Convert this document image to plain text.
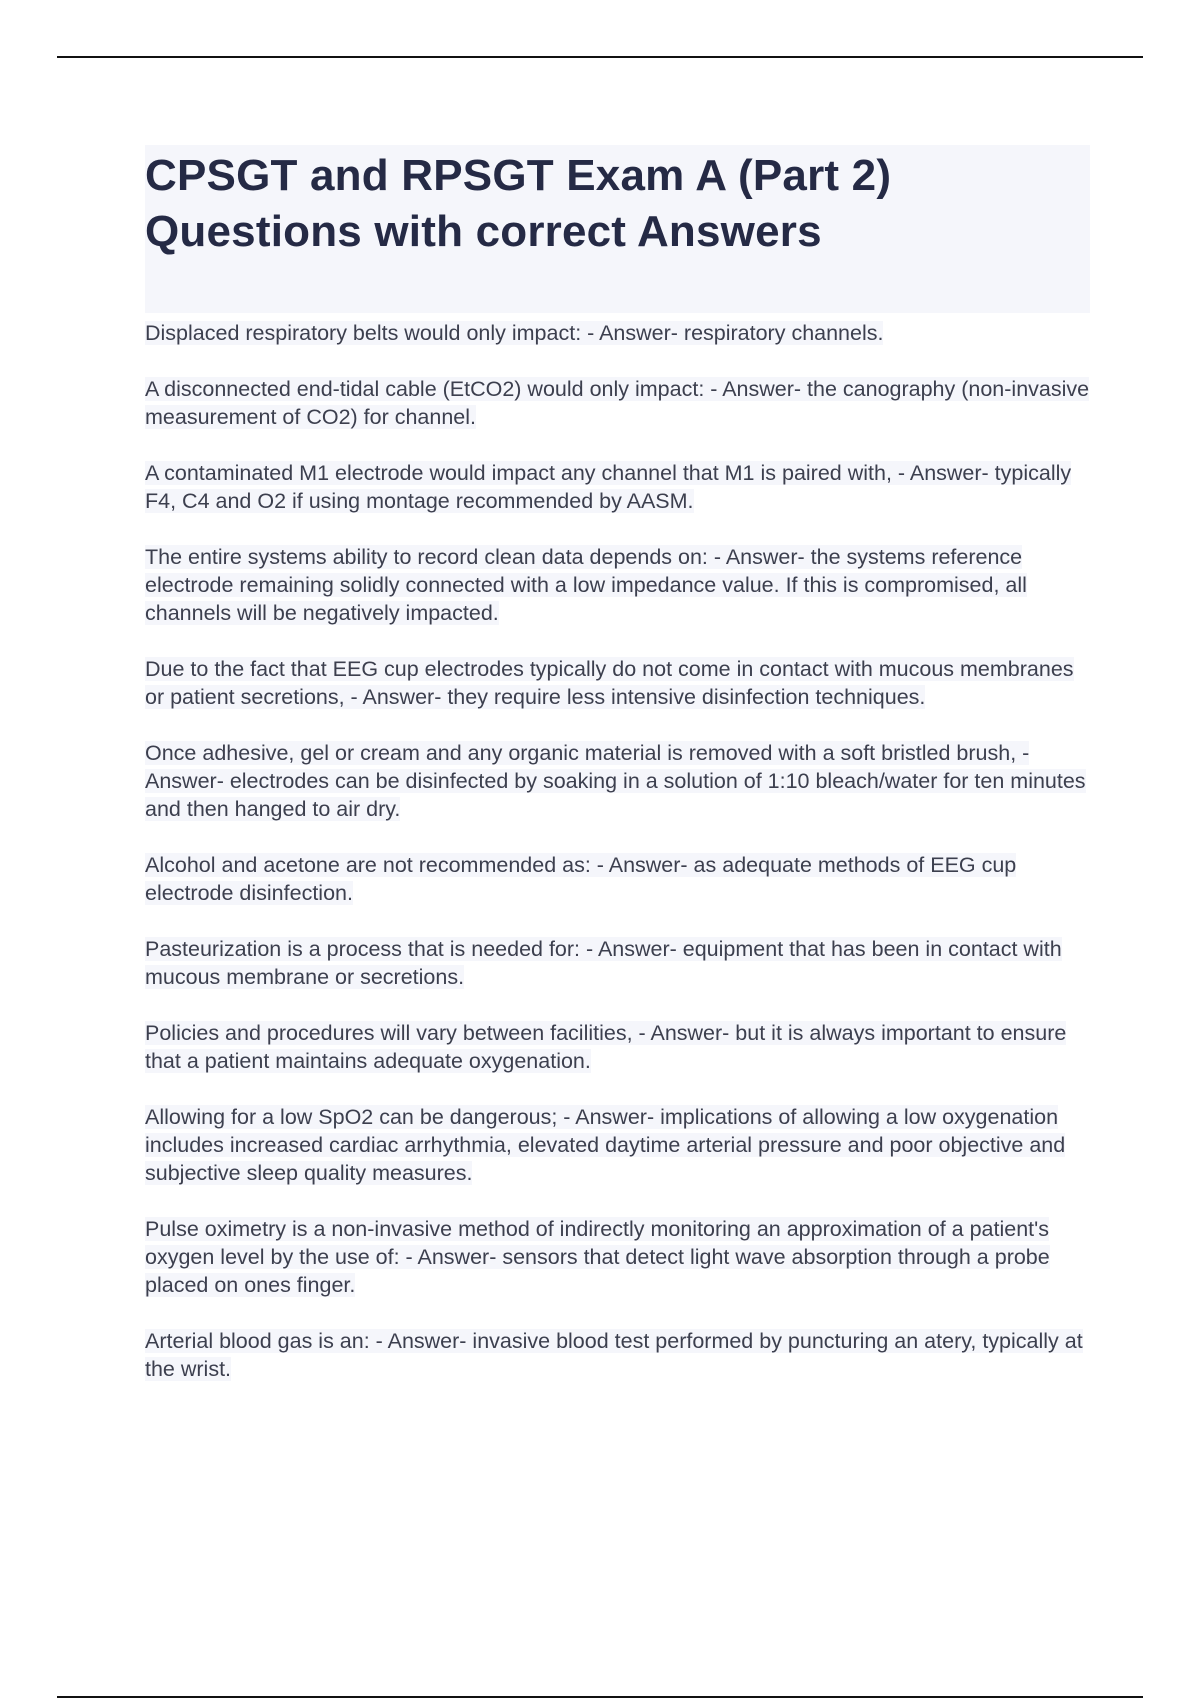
CPSGT and RPSGT Exam A (Part 2) Questions with correct Answers

Displaced respiratory belts would only impact: - Answer- respiratory channels.

A disconnected end-tidal cable (EtCO2) would only impact: - Answer- the canography (non-invasive measurement of CO2) for channel.

A contaminated M1 electrode would impact any channel that M1 is paired with, - Answer- typically F4, C4 and O2 if using montage recommended by AASM.

The entire systems ability to record clean data depends on: - Answer- the systems reference electrode remaining solidly connected with a low impedance value. If this is compromised, all channels will be negatively impacted.

Due to the fact that EEG cup electrodes typically do not come in contact with mucous membranes or patient secretions, - Answer- they require less intensive disinfection techniques.

Once adhesive, gel or cream and any organic material is removed with a soft bristled brush, - Answer- electrodes can be disinfected by soaking in a solution of 1:10 bleach/water for ten minutes and then hanged to air dry.

Alcohol and acetone are not recommended as: - Answer- as adequate methods of EEG cup electrode disinfection.

Pasteurization is a process that is needed for: - Answer- equipment that has been in contact with mucous membrane or secretions.

Policies and procedures will vary between facilities, - Answer- but it is always important to ensure that a patient maintains adequate oxygenation.

Allowing for a low SpO2 can be dangerous; - Answer- implications of allowing a low oxygenation includes increased cardiac arrhythmia, elevated daytime arterial pressure and poor objective and subjective sleep quality measures.

Pulse oximetry is a non-invasive method of indirectly monitoring an approximation of a patient's oxygen level by the use of: - Answer- sensors that detect light wave absorption through a probe placed on ones finger.

Arterial blood gas is an: - Answer- invasive blood test performed by puncturing an atery, typically at the wrist.
